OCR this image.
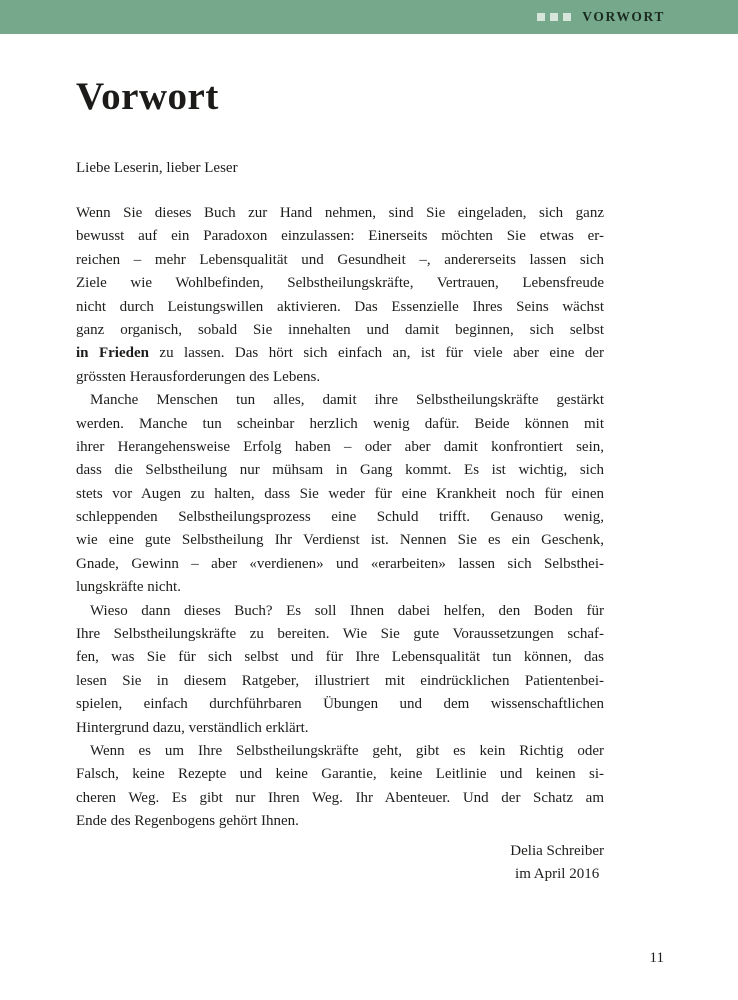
VORWORT
Vorwort

Liebe Leserin, lieber Leser

Wenn Sie dieses Buch zur Hand nehmen, sind Sie eingeladen, sich ganz
bewusst auf ein Paradoxon einzulassen: Einerseits möchten Sie etwas er-
reichen – mehr Lebensqualität und Gesundheit –, andererseits lassen sich
Ziele wie Wohlbefinden, Selbstheilungskräfte, Vertrauen, Lebensfreude
nicht durch Leistungswillen aktivieren. Das Essenzielle Ihres Seins wächst
ganz organisch, sobald Sie innehalten und damit beginnen, sich selbst
in Frieden zu lassen. Das hört sich einfach an, ist für viele aber eine der
grössten Herausforderungen des Lebens.
Manche Menschen tun alles, damit ihre Selbstheilungskräfte gestärkt
werden. Manche tun scheinbar herzlich wenig dafür. Beide können mit
ihrer Herangehensweise Erfolg haben – oder aber damit konfrontiert sein,
dass die Selbstheilung nur mühsam in Gang kommt. Es ist wichtig, sich
stets vor Augen zu halten, dass Sie weder für eine Krankheit noch für einen
schleppenden Selbstheilungsprozess eine Schuld trifft. Genauso wenig,
wie eine gute Selbstheilung Ihr Verdienst ist. Nennen Sie es ein Geschenk,
Gnade, Gewinn – aber «verdienen» und «erarbeiten» lassen sich Selbsthei-
lungskräfte nicht.
Wieso dann dieses Buch? Es soll Ihnen dabei helfen, den Boden für
Ihre Selbstheilungskräfte zu bereiten. Wie Sie gute Voraussetzungen schaf-
fen, was Sie für sich selbst und für Ihre Lebensqualität tun können, das
lesen Sie in diesem Ratgeber, illustriert mit eindrücklichen Patientenbei-
spielen, einfach durchführbaren Übungen und dem wissenschaftlichen
Hintergrund dazu, verständlich erklärt.
Wenn es um Ihre Selbstheilungskräfte geht, gibt es kein Richtig oder
Falsch, keine Rezepte und keine Garantie, keine Leitlinie und keinen si-
cheren Weg. Es gibt nur Ihren Weg. Ihr Abenteuer. Und der Schatz am
Ende des Regenbogens gehört Ihnen.
Delia Schreiber
im April 2016
11
